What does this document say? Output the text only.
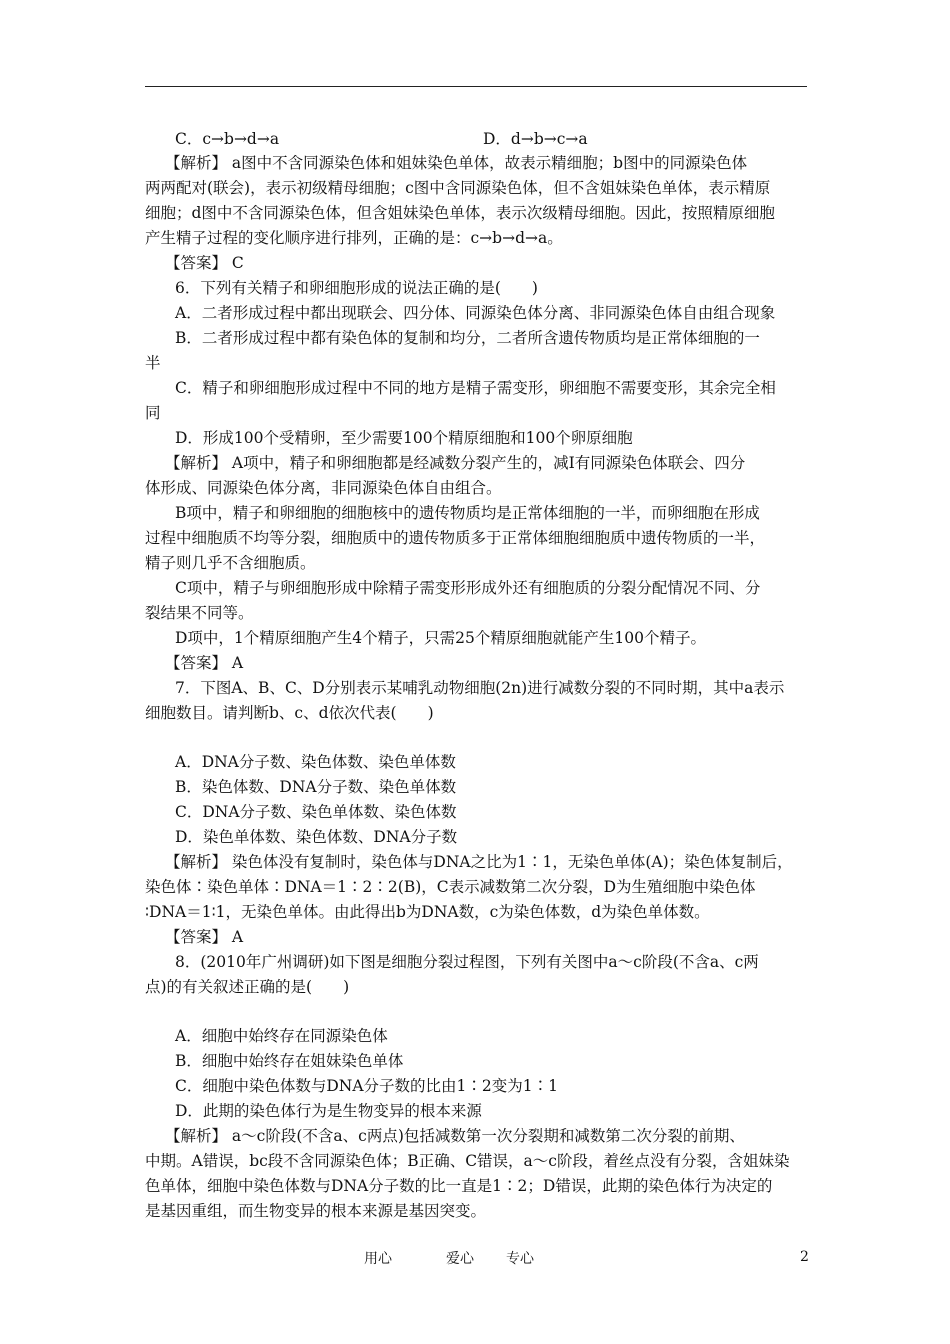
C．c→b→d→a
【解析】 a图中不含同源染色体和姐妹染色单体，故表示精细胞；b图中的同源染色体
两两配对(联会)，表示初级精母细胞；c图中含同源染色体，但不含姐妹染色单体，表示精原
细胞；d图中不含同源染色体，但含姐妹染色单体，表示次级精母细胞。因此，按照精原细胞
产生精子过程的变化顺序进行排列，正确的是：c→b→d→a。
【答案】 C
6．下列有关精子和卵细胞形成的说法正确的是(　　)
A．二者形成过程中都出现联会、四分体、同源染色体分离、非同源染色体自由组合现象
B．二者形成过程中都有染色体的复制和均分，二者所含遗传物质均是正常体细胞的一
半
C．精子和卵细胞形成过程中不同的地方是精子需变形，卵细胞不需要变形，其余完全相
同
D．形成100个受精卵，至少需要100个精原细胞和100个卵原细胞
【解析】 A项中，精子和卵细胞都是经减数分裂产生的，减Ⅰ有同源染色体联会、四分
体形成、同源染色体分离，非同源染色体自由组合。
B项中，精子和卵细胞的细胞核中的遗传物质均是正常体细胞的一半，而卵细胞在形成
过程中细胞质不均等分裂，细胞质中的遗传物质多于正常体细胞细胞质中遗传物质的一半，
精子则几乎不含细胞质。
C项中，精子与卵细胞形成中除精子需变形形成外还有细胞质的分裂分配情况不同、分
裂结果不同等。
D项中，1个精原细胞产生4个精子，只需25个精原细胞就能产生100个精子。
【答案】 A
7．下图A、B、C、D分别表示某哺乳动物细胞(2n)进行减数分裂的不同时期，其中a表示
细胞数目。请判断b、c、d依次代表(　　)
A．DNA分子数、染色体数、染色单体数
B．染色体数、DNA分子数、染色单体数
C．DNA分子数、染色单体数、染色体数
D．染色单体数、染色体数、DNA分子数
【解析】 染色体没有复制时，染色体与DNA之比为1∶1，无染色单体(A)；染色体复制后，
染色体∶染色单体∶DNA＝1∶2∶2(B)，C表示减数第二次分裂，D为生殖细胞中染色体
∶DNA＝1∶1，无染色单体。由此得出b为DNA数，c为染色体数，d为染色单体数。
【答案】 A
8．(2010年广州调研)如下图是细胞分裂过程图，下列有关图中a～c阶段(不含a、c两
点)的有关叙述正确的是(　　)
A．细胞中始终存在同源染色体
B．细胞中始终存在姐妹染色单体
C．细胞中染色体数与DNA分子数的比由1∶2变为1∶1
D．此期的染色体行为是生物变异的根本来源
【解析】 a～c阶段(不含a、c两点)包括减数第一次分裂期和减数第二次分裂的前期、
中期。A错误，bc段不含同源染色体；B正确、C错误，a～c阶段，着丝点没有分裂，含姐妹染
色单体，细胞中染色体数与DNA分子数的比一直是1∶2；D错误，此期的染色体行为决定的
是基因重组，而生物变异的根本来源是基因突变。
D．d→b→c→a
用心	爱心 专心	2
